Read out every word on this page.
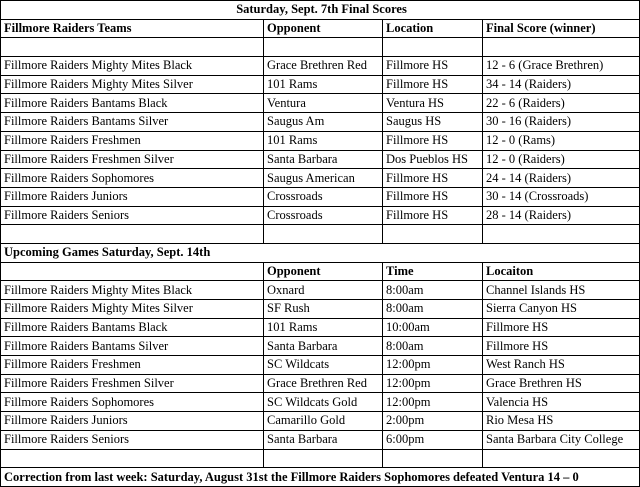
Saturday, Sept. 7th Final Scores			
Fillmore Raiders Teams	Opponent	Location	Final Score (winner)

Fillmore Raiders Mighty Mites Black	Grace Brethren Red	Fillmore HS	12 - 6 (Grace Brethren)
Fillmore Raiders Mighty Mites Silver	101 Rams	Fillmore HS	34 - 14 (Raiders)
Fillmore Raiders Bantams Black	Ventura	Ventura HS	22 - 6 (Raiders)
Fillmore Raiders Bantams Silver	Saugus Am	Saugus HS	30 - 16 (Raiders)
Fillmore Raiders Freshmen	101 Rams	Fillmore HS	12 - 0 (Rams)
Fillmore Raiders Freshmen Silver	Santa Barbara	Dos Pueblos HS	12 - 0 (Raiders)
Fillmore Raiders Sophomores	Saugus American	Fillmore HS	24 - 14 (Raiders)
Fillmore Raiders Juniors	Crossroads	Fillmore HS	30 - 14 (Crossroads)
Fillmore Raiders Seniors	Crossroads	Fillmore HS	28 - 14 (Raiders)

Upcoming Games Saturday, Sept. 14th			
	Opponent	Time	Locaiton
Fillmore Raiders Mighty Mites Black	Oxnard	8:00am	Channel Islands HS
Fillmore Raiders Mighty Mites Silver	SF Rush	8:00am	Sierra Canyon HS
Fillmore Raiders Bantams Black	101 Rams	10:00am	Fillmore HS
Fillmore Raiders Bantams Silver	Santa Barbara	8:00am	Fillmore HS
Fillmore Raiders Freshmen	SC Wildcats	12:00pm	West Ranch HS
Fillmore Raiders Freshmen Silver	Grace Brethren Red	12:00pm	Grace Brethren HS
Fillmore Raiders Sophomores	SC Wildcats Gold	12:00pm	Valencia HS
Fillmore Raiders Juniors	Camarillo Gold	2:00pm	Rio Mesa HS
Fillmore Raiders Seniors	Santa Barbara	6:00pm	Santa Barbara City College

Correction from last week: Saturday, August 31st the Fillmore Raiders Sophomores defeated Ventura 14 – 0			
